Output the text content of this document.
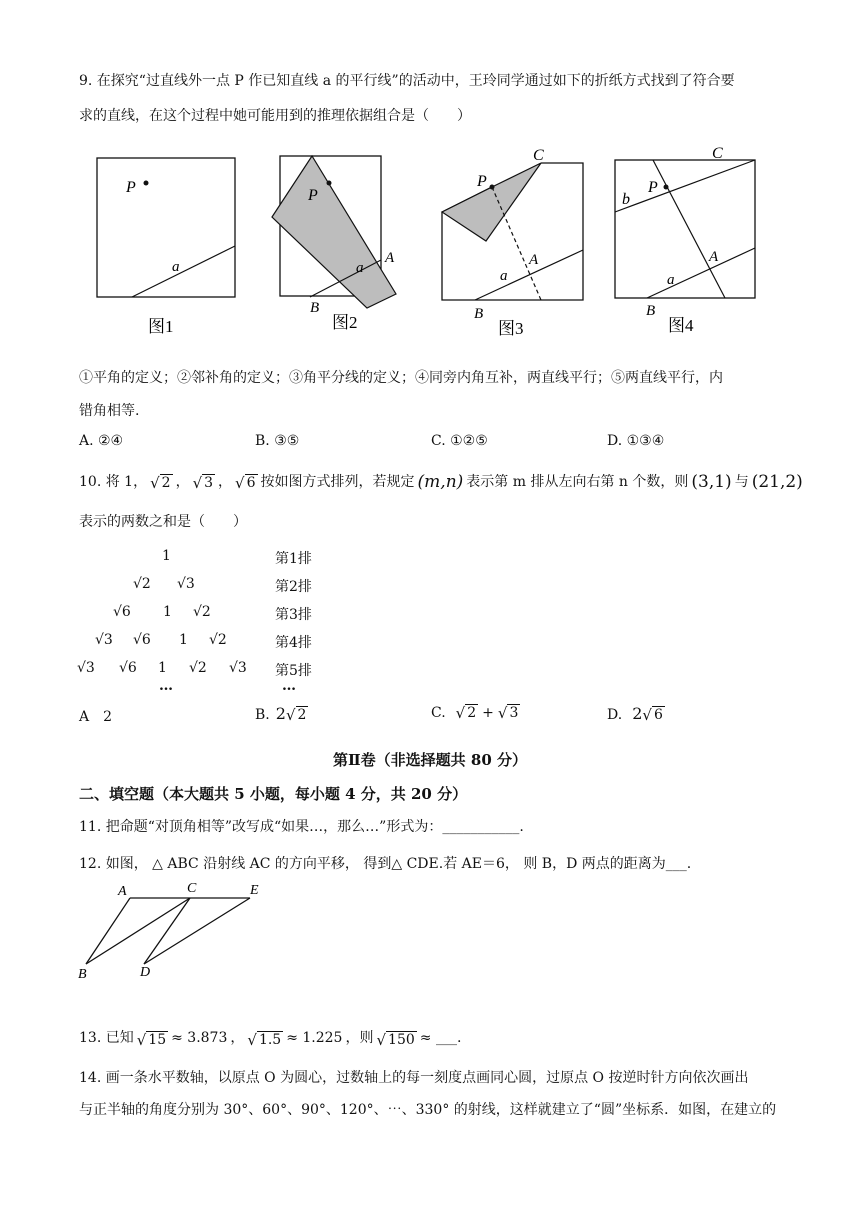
9. 在探究“过直线外一点 P 作已知直线 a 的平行线”的活动中，王玲同学通过如下的折纸方式找到了符合要
求的直线，在这个过程中她可能用到的推理依据组合是（　　）
P
a
图1
P
a
A
B
图2
P
C
a
A
B
图3
b
P
C
a
A
B
图4
①平角的定义；②邻补角的定义；③角平分线的定义；④同旁内角互补，两直线平行；⑤两直线平行，内
错角相等.
A. ②④	B. ③⑤	C. ①②⑤	D. ①③④
10. 将 1， √ 2 ， √ 3 ， √ 6 按如图方式排列，若规定 (m,n) 表示第 m 排从左向右第 n 个数，则 (3,1) 与 (21,2)
表示的两数之和是（　　）
1	第1排
√2 √3	第2排
√6 1 √2	第3排
√3 √6 1 √2	第4排
√3 √6 1 √2 √3 第5排
…	…
A　2	B. 2 √ 2	C. √ 2 + √ 3	D. 2 √ 6
第Ⅱ卷（非选择题共 80 分）
二、填空题（本大题共 5 小题，每小题 4 分，共 20 分）
11. 把命题“对顶角相等”改写成“如果…，那么…”形式为：___________.
12. 如图， △ ABC 沿射线 AC 的方向平移， 得到△ CDE.若 AE＝6， 则 B，D 两点的距离为___.
A	C	E
B	D
13. 已知 √ 15 ≈ 3.873 ， √ 1.5 ≈ 1.225 ，则 √ 150 ≈ ___.
14. 画一条水平数轴，以原点 O 为圆心，过数轴上的每一刻度点画同心圆，过原点 O 按逆时针方向依次画出
与正半轴的角度分别为 30°、60°、90°、120°、⋯、330° 的射线，这样就建立了“圆”坐标系．如图，在建立的
